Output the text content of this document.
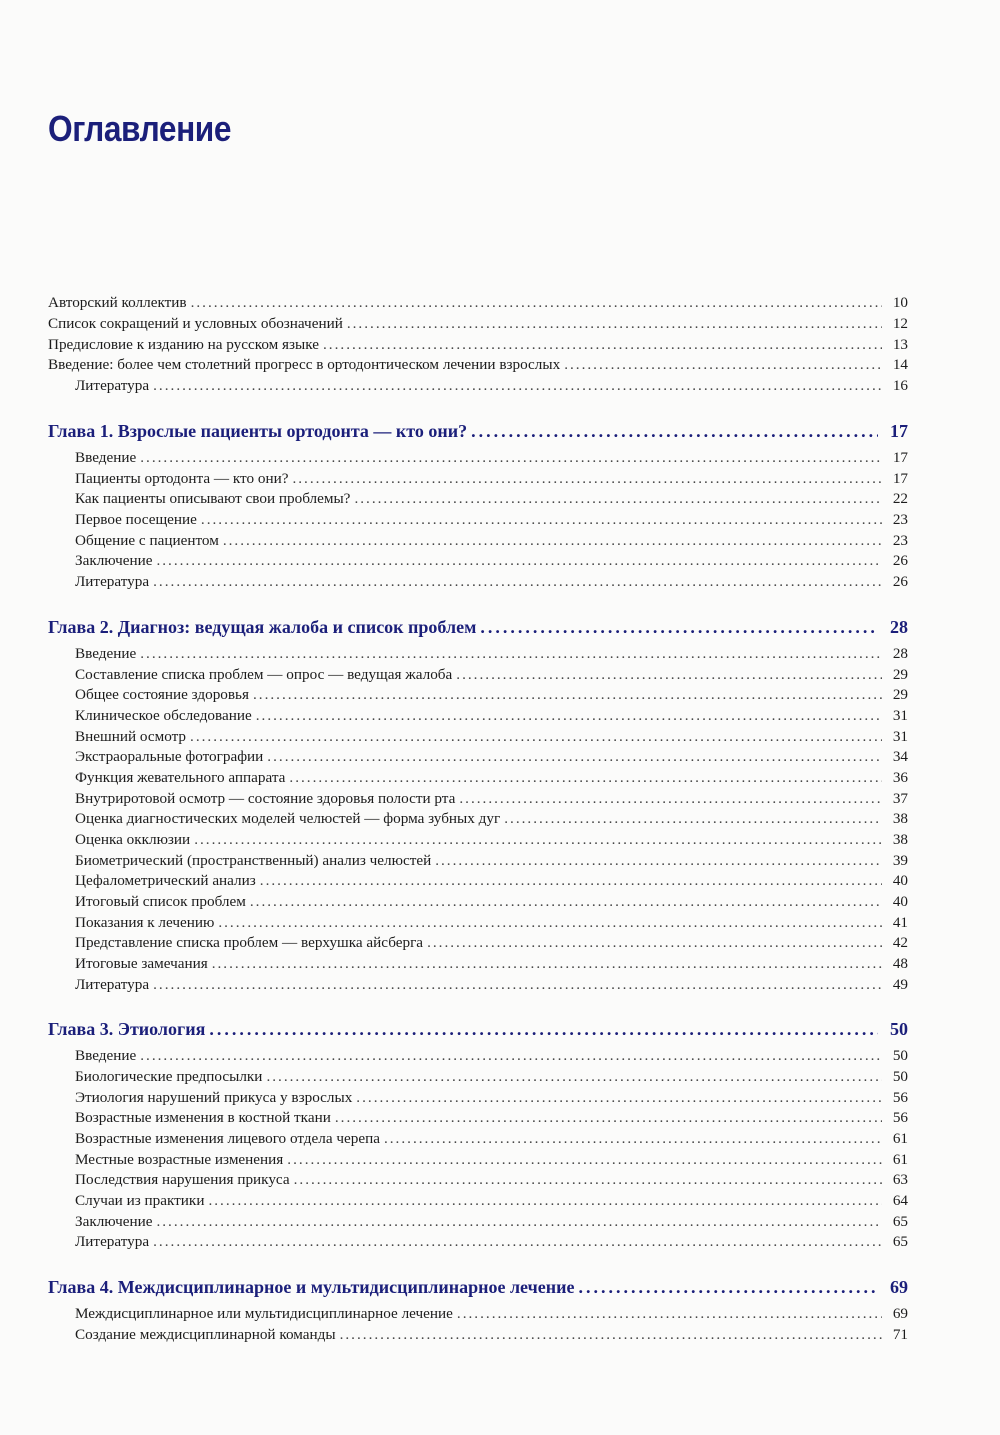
Оглавление
Авторский коллектив .....	10
Список сокращений и условных обозначений .....	12
Предисловие к изданию на русском языке .....	13
Введение: более чем столетний прогресс в ортодонтическом лечении взрослых .....	14
Литература .....	16
Глава 1. Взрослые пациенты ортодонта — кто они? .....	17
Введение .....	17
Пациенты ортодонта — кто они? .....	17
Как пациенты описывают свои проблемы? .....	22
Первое посещение .....	23
Общение с пациентом .....	23
Заключение .....	26
Литература .....	26
Глава 2. Диагноз: ведущая жалоба и список проблем .....	28
Введение .....	28
Составление списка проблем — опрос — ведущая жалоба .....	29
Общее состояние здоровья .....	29
Клиническое обследование .....	31
Внешний осмотр .....	31
Экстраоральные фотографии .....	34
Функция жевательного аппарата .....	36
Внутриротовой осмотр — состояние здоровья полости рта .....	37
Оценка диагностических моделей челюстей — форма зубных дуг .....	38
Оценка окклюзии .....	38
Биометрический (пространственный) анализ челюстей .....	39
Цефалометрический анализ .....	40
Итоговый список проблем .....	40
Показания к лечению .....	41
Представление списка проблем — верхушка айсберга .....	42
Итоговые замечания .....	48
Литература .....	49
Глава 3. Этиология .....	50
Введение .....	50
Биологические предпосылки .....	50
Этиология нарушений прикуса у взрослых .....	56
Возрастные изменения в костной ткани .....	56
Возрастные изменения лицевого отдела черепа .....	61
Местные возрастные изменения .....	61
Последствия нарушения прикуса .....	63
Случаи из практики .....	64
Заключение .....	65
Литература .....	65
Глава 4. Междисциплинарное и мультидисциплинарное лечение .....	69
Междисциплинарное или мультидисциплинарное лечение .....	69
Создание междисциплинарной команды .....	71
